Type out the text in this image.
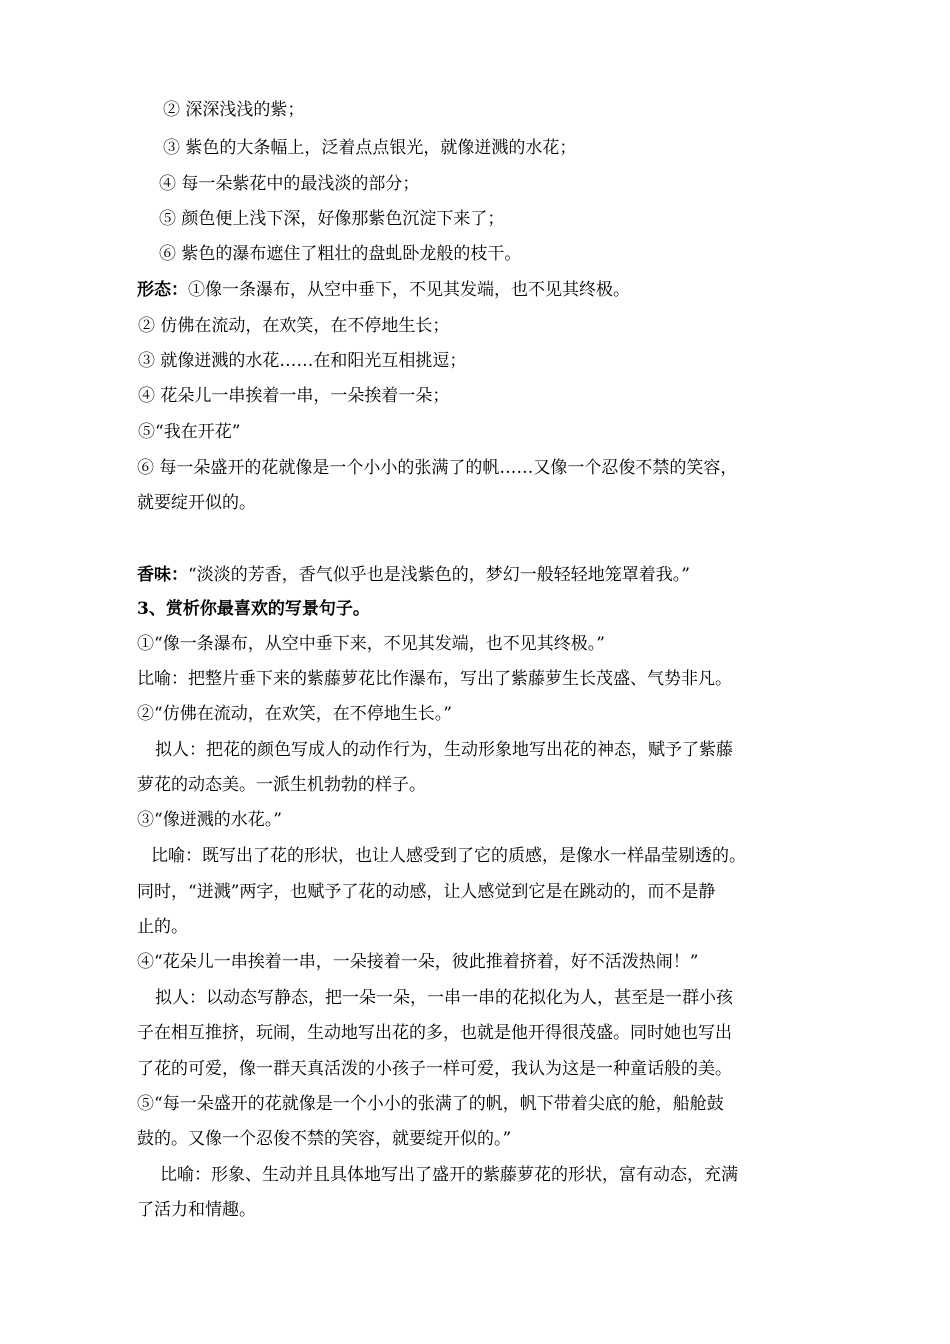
② 深深浅浅的紫；
③ 紫色的大条幅上，泛着点点银光，就像迸溅的水花；
④ 每一朵紫花中的最浅淡的部分；
⑤ 颜色便上浅下深，好像那紫色沉淀下来了；
⑥ 紫色的瀑布遮住了粗壮的盘虬卧龙般的枝干。
形态：①像一条瀑布，从空中垂下，不见其发端，也不见其终极。
② 仿佛在流动，在欢笑，在不停地生长；
③ 就像迸溅的水花……在和阳光互相挑逗；
④ 花朵儿一串挨着一串，一朵挨着一朵；
⑤“我在开花”
⑥ 每一朵盛开的花就像是一个小小的张满了的帆……又像一个忍俊不禁的笑容，
就要绽开似的。
香味：“淡淡的芳香，香气似乎也是浅紫色的，梦幻一般轻轻地笼罩着我。”
3、赏析你最喜欢的写景句子。
①“像一条瀑布，从空中垂下来，不见其发端，也不见其终极。”
比喻：把整片垂下来的紫藤萝花比作瀑布，写出了紫藤萝生长茂盛、气势非凡。
②“仿佛在流动，在欢笑，在不停地生长。”
拟人：把花的颜色写成人的动作行为，生动形象地写出花的神态，赋予了紫藤
萝花的动态美。一派生机勃勃的样子。
③“像迸溅的水花。”
比喻：既写出了花的形状，也让人感受到了它的质感，是像水一样晶莹剔透的。
同时，“迸溅”两字，也赋予了花的动感，让人感觉到它是在跳动的，而不是静
止的。
④“花朵儿一串挨着一串，一朵接着一朵，彼此推着挤着，好不活泼热闹！”
拟人：以动态写静态，把一朵一朵，一串一串的花拟化为人，甚至是一群小孩
子在相互推挤，玩闹，生动地写出花的多，也就是他开得很茂盛。同时她也写出
了花的可爱，像一群天真活泼的小孩子一样可爱，我认为这是一种童话般的美。
⑤“每一朵盛开的花就像是一个小小的张满了的帆，帆下带着尖底的舱，船舱鼓
鼓的。又像一个忍俊不禁的笑容，就要绽开似的。”
比喻：形象、生动并且具体地写出了盛开的紫藤萝花的形状，富有动态，充满
了活力和情趣。
